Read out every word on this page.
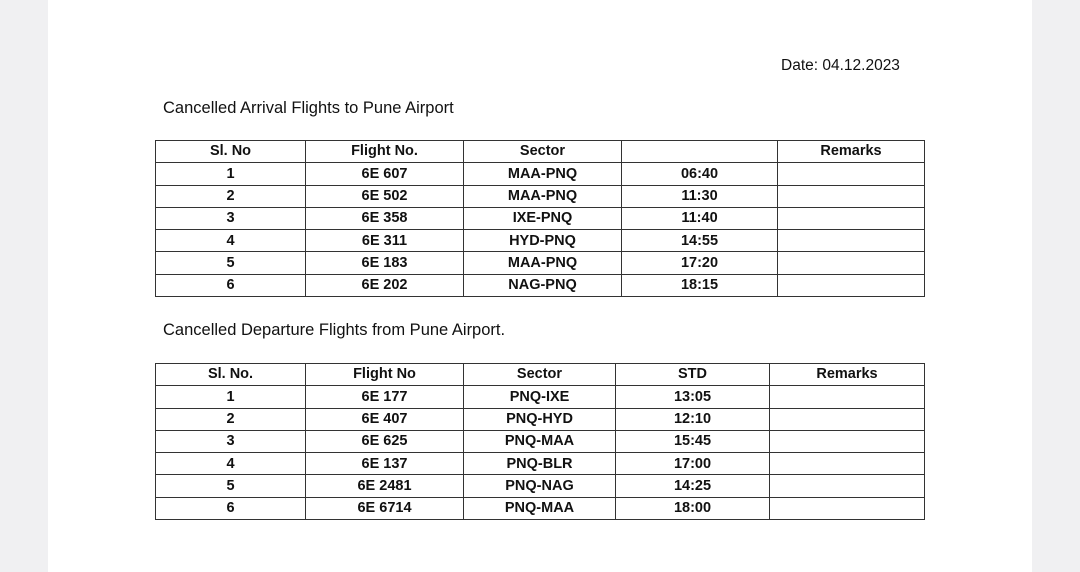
Date: 04.12.2023
Cancelled Arrival Flights to Pune Airport
Sl. No	Flight No.	Sector		Remarks
1	6E 607	MAA-PNQ	06:40	
2	6E 502	MAA-PNQ	11:30	
3	6E 358	IXE-PNQ	11:40	
4	6E 311	HYD-PNQ	14:55	
5	6E 183	MAA-PNQ	17:20	
6	6E 202	NAG-PNQ	18:15	
Cancelled Departure Flights from Pune Airport.
Sl. No.	Flight No	Sector	STD	Remarks
1	6E 177	PNQ-IXE	13:05	
2	6E 407	PNQ-HYD	12:10	
3	6E 625	PNQ-MAA	15:45	
4	6E 137	PNQ-BLR	17:00	
5	6E 2481	PNQ-NAG	14:25	
6	6E 6714	PNQ-MAA	18:00	
